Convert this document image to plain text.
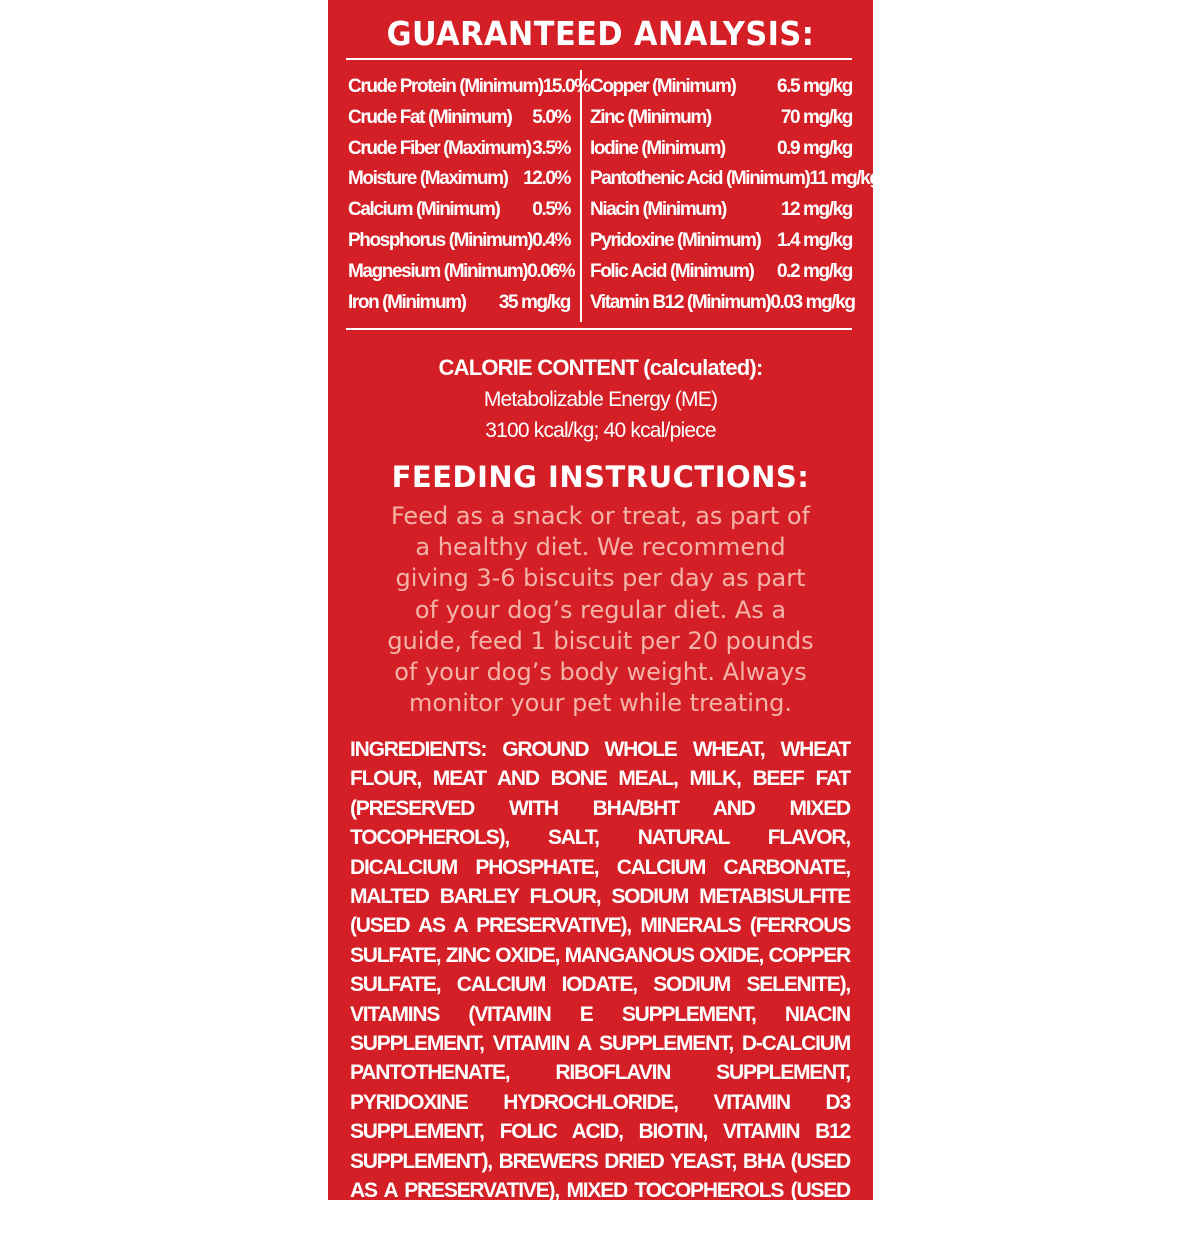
GUARANTEED ANALYSIS:
Crude Protein (Minimum) 15.0%
Crude Fat (Minimum) 5.0%
Crude Fiber (Maximum) 3.5%
Moisture (Maximum) 12.0%
Calcium (Minimum) 0.5%
Phosphorus (Minimum) 0.4%
Magnesium (Minimum) 0.06%
Iron (Minimum) 35 mg/kg
Copper (Minimum) 6.5 mg/kg
Zinc (Minimum)	70 mg/kg
Iodine (Minimum)	0.9 mg/kg
Pantothenic Acid (Minimum) 11 mg/kg
Niacin (Minimum)	12 mg/kg
Pyridoxine (Minimum) 1.4 mg/kg
Folic Acid (Minimum) 0.2 mg/kg
Vitamin B12 (Minimum) 0.03 mg/kg
CALORIE CONTENT (calculated):
Metabolizable Energy (ME)
3100 kcal/kg; 40 kcal/piece
FEEDING INSTRUCTIONS:
Feed as a snack or treat, as part of
a healthy diet. We recommend
giving 3-6 biscuits per day as part
of your dog’s regular diet. As a
guide, feed 1 biscuit per 20 pounds
of your dog’s body weight. Always
monitor your pet while treating.
INGREDIENTS: GROUND WHOLE WHEAT, WHEAT FLOUR, MEAT AND BONE MEAL, MILK, BEEF FAT (PRESERVED WITH BHA/BHT AND MIXED TOCOPHEROLS), SALT, NATURAL FLAVOR, DICALCIUM PHOSPHATE, CALCIUM CARBONATE, MALTED BARLEY FLOUR, SODIUM METABISULFITE (USED AS A PRESERVATIVE), MINERALS (FERROUS SULFATE, ZINC OXIDE, MANGANOUS OXIDE, COPPER SULFATE, CALCIUM IODATE, SODIUM SELENITE), VITAMINS (VITAMIN E SUPPLEMENT, NIACIN SUPPLEMENT, VITAMIN A SUPPLEMENT, D-CALCIUM PANTOTHENATE, RIBOFLAVIN SUPPLEMENT, PYRIDOXINE HYDROCHLORIDE, VITAMIN D3 SUPPLEMENT, FOLIC ACID, BIOTIN, VITAMIN B12 SUPPLEMENT), BREWERS DRIED YEAST, BHA (USED AS A PRESERVATIVE), MIXED TOCOPHEROLS (USED AS A PRESERVATIVE), ROSEMARY EXTRACT. NP05
